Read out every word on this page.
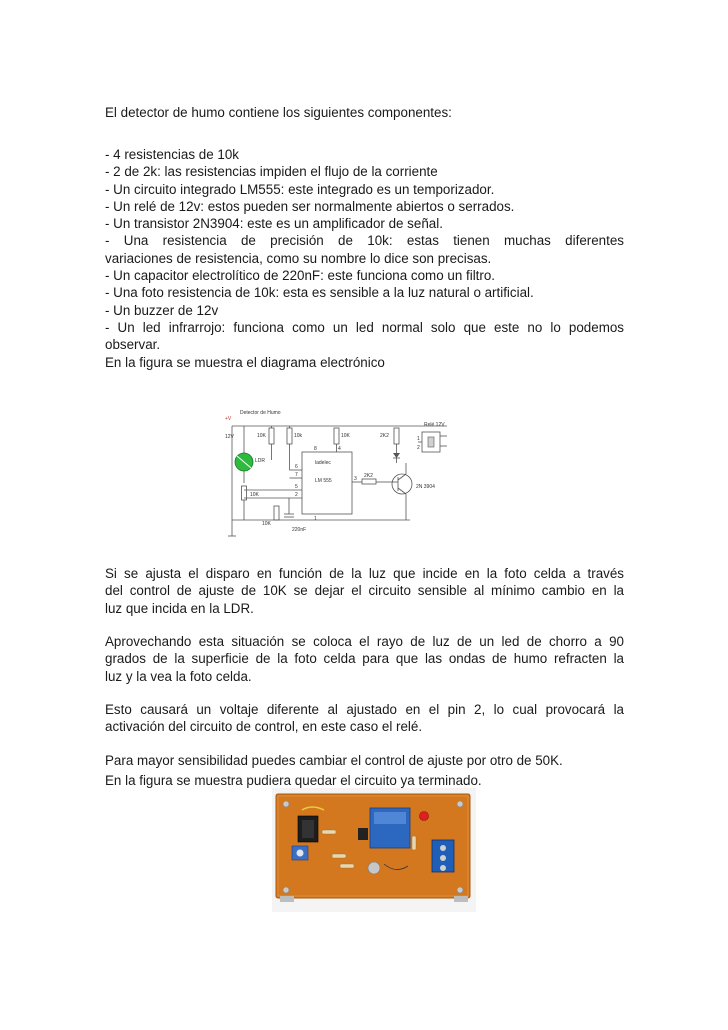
El detector de humo contiene los siguientes componentes:
- 4 resistencias de 10k
- 2 de 2k: las resistencias impiden el flujo de la corriente
- Un circuito integrado LM555: este integrado es un temporizador.
- Un relé de 12v: estos pueden ser normalmente abiertos o serrados.
- Un transistor 2N3904: este es un amplificador de señal.
- Una resistencia de precisión de 10k: estas tienen muchas diferentes
variaciones de resistencia, como su nombre lo dice son precisas.
- Un capacitor electrolítico de 220nF: este funciona como un filtro.
- Una foto resistencia de 10k: esta es sensible a la luz natural o artificial.
- Un buzzer de 12v
- Un led infrarrojo: funciona como un led normal solo que este no lo podemos
observar.
En la figura se muestra el diagrama electrónico
Detector de Humo
+V
12V
LDR
10K	10k	10K	2K2
2K2
10K
10K
ladelec
LM 555
220nF
Relé 12V
2N 3904
6
5
2
3
4
8
1
7
1
2
Si se ajusta el disparo en función de la luz que incide en la foto celda a través
del control de ajuste de 10K se dejar el circuito sensible al mínimo cambio en la
luz que incida en la LDR.
Aprovechando esta situación se coloca el rayo de luz de un led de chorro a 90
grados de la superficie de la foto celda para que las ondas de humo refracten la
luz y la vea la foto celda.
Esto causará un voltaje diferente al ajustado en el pin 2, lo cual provocará la
activación del circuito de control, en este caso el relé.
Para mayor sensibilidad puedes cambiar el control de ajuste por otro de 50K.
En la figura se muestra pudiera quedar el circuito ya terminado.
